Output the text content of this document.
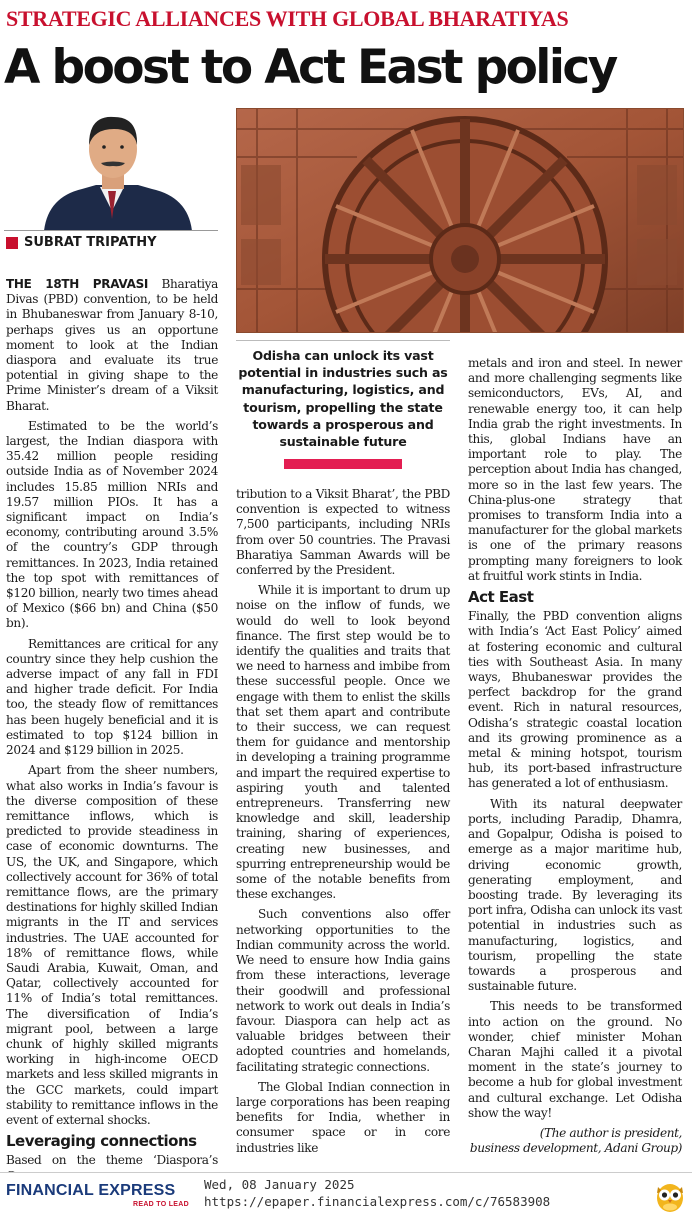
STRATEGIC ALLIANCES WITH GLOBAL BHARATIYAS
A boost to Act East policy
SUBRAT TRIPATHY

THE 18TH PRAVASI Bharatiya Divas (PBD) convention, to be held in Bhubaneswar from January 8-10, perhaps gives us an opportune moment to look at the Indian diaspora and evaluate its true potential in giving shape to the Prime Minister’s dream of a Viksit Bharat.

Estimated to be the world’s largest, the Indian diaspora with 35.42 million people residing outside India as of November 2024 includes 15.85 million NRIs and 19.57 million PIOs. It has a significant impact on India’s economy, contributing around 3.5% of the country’s GDP through remittances. In 2023, India retained the top spot with remittances of $120 billion, nearly two times ahead of Mexico ($66 bn) and China ($50 bn).

Remittances are critical for any country since they help cushion the adverse impact of any fall in FDI and higher trade deficit. For India too, the steady flow of remittances has been hugely beneficial and it is estimated to top $124 billion in 2024 and $129 billion in 2025.

Apart from the sheer numbers, what also works in India’s favour is the diverse composition of these remittance inflows, which is predicted to provide steadiness in case of economic downturns. The US, the UK, and Singapore, which collectively account for 36% of total remittance flows, are the primary destinations for highly skilled Indian migrants in the IT and services industries. The UAE accounted for 18% of remittance flows, while Saudi Arabia, Kuwait, Oman, and Qatar, collectively accounted for 11% of India’s total remittances. The diversification of India’s migrant pool, between a large chunk of highly skilled migrants working in high-income OECD markets and less skilled migrants in the GCC markets, could impart stability to remittance inflows in the event of external shocks.

Leveraging connections

Based on the theme ‘Diaspora’s

Odisha can unlock its vast potential in industries such as manufacturing, logistics, and tourism, propelling the state towards a prosperous and sustainable future

tribution to a Viksit Bharat’, the PBD convention is expected to witness 7,500 participants, including NRIs from over 50 countries. The Pravasi Bharatiya Samman Awards will be conferred by the President.

While it is important to drum up noise on the inflow of funds, we would do well to look beyond finance. The first step would be to identify the qualities and traits that we need to harness and imbibe from these successful people. Once we engage with them to enlist the skills that set them apart and contribute to their success, we can request them for guidance and mentorship in developing a training programme and impart the required expertise to aspiring youth and talented entrepreneurs. Transferring new knowledge and skill, leadership training, sharing of experiences, creating new businesses, and spurring entrepreneurship would be some of the notable benefits from these exchanges.

Such conventions also offer networking opportunities to the Indian community across the world. We need to ensure how India gains from these interactions, leverage their goodwill and professional network to work out deals in India’s favour. Diaspora can help act as valuable bridges between their adopted countries and homelands, facilitating strategic connections.

The Global Indian connection in large corporations has been reaping benefits for India, whether in consumer space or in core industries like

metals and iron and steel. In newer and more challenging segments like semiconductors, EVs, AI, and renewable energy too, it can help India grab the right investments. In this, global Indians have an important role to play. The perception about India has changed, more so in the last few years. The China-plus-one strategy that promises to transform India into a manufacturer for the global markets is one of the primary reasons prompting many foreigners to look at fruitful work stints in India.

Act East

Finally, the PBD convention aligns with India’s ‘Act East Policy’ aimed at fostering economic and cultural ties with Southeast Asia. In many ways, Bhubaneswar provides the perfect backdrop for the grand event. Rich in natural resources, Odisha’s strategic coastal location and its growing prominence as a metal & mining hotspot, tourism hub, its port-based infrastructure has generated a lot of enthusiasm.

With its natural deepwater ports, including Paradip, Dhamra, and Gopalpur, Odisha is poised to emerge as a major maritime hub, driving economic growth, generating employment, and boosting trade. By leveraging its port infra, Odisha can unlock its vast potential in industries such as manufacturing, logistics, and tourism, propelling the state towards a prosperous and sustainable future.

This needs to be transformed into action on the ground. No wonder, chief minister Mohan Charan Majhi called it a pivotal moment in the state’s journey to become a hub for global investment and cultural exchange. Let Odisha show the way!

(The author is president, business development, Adani Group)

FINANCIAL EXPRESS
READ TO LEAD
Wed, 08 January 2025
https://epaper.financialexpress.com/c/76583908
